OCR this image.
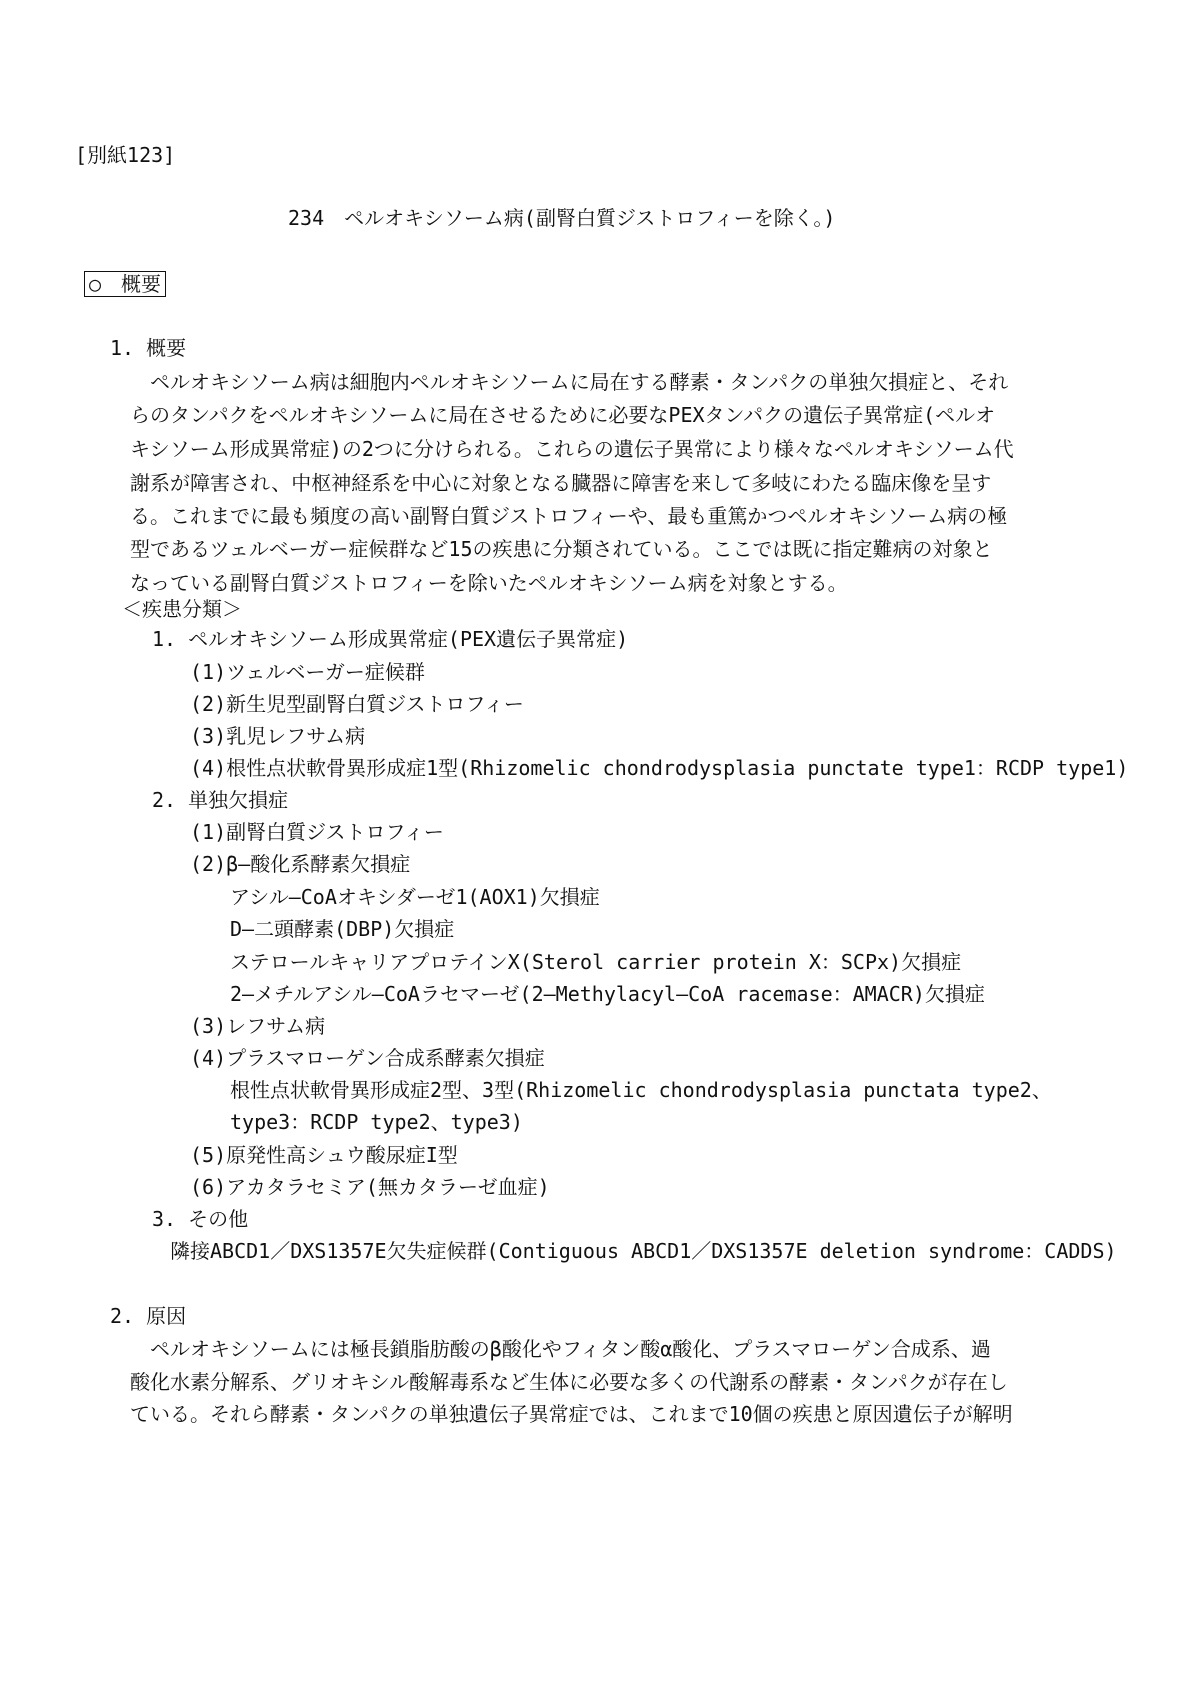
[別紙123]
234　ペルオキシソーム病(副腎白質ジストロフィーを除く。)
○　概要
1. 概要
ペルオキシソーム病は細胞内ペルオキシソームに局在する酵素・タンパクの単独欠損症と、それ
らのタンパクをペルオキシソームに局在させるために必要なPEXタンパクの遺伝子異常症(ペルオ
キシソーム形成異常症)の2つに分けられる。これらの遺伝子異常により様々なペルオキシソーム代
謝系が障害され、中枢神経系を中心に対象となる臓器に障害を来して多岐にわたる臨床像を呈す
る。これまでに最も頻度の高い副腎白質ジストロフィーや、最も重篤かつペルオキシソーム病の極
型であるツェルベーガー症候群など15の疾患に分類されている。ここでは既に指定難病の対象と
なっている副腎白質ジストロフィーを除いたペルオキシソーム病を対象とする。
＜疾患分類＞
1. ペルオキシソーム形成異常症(PEX遺伝子異常症)
(1)ツェルベーガー症候群
(2)新生児型副腎白質ジストロフィー
(3)乳児レフサム病
(4)根性点状軟骨異形成症1型(Rhizomelic chondrodysplasia punctate type1：RCDP type1)
2. 単独欠損症
(1)副腎白質ジストロフィー
(2)β―酸化系酵素欠損症
アシル―CoAオキシダーゼ1(AOX1)欠損症
D―二頭酵素(DBP)欠損症
ステロールキャリアプロテインX(Sterol carrier protein X：SCPx)欠損症
2―メチルアシル―CoAラセマーゼ(2―Methylacyl―CoA racemase：AMACR)欠損症
(3)レフサム病
(4)プラスマローゲン合成系酵素欠損症
根性点状軟骨異形成症2型、3型(Rhizomelic chondrodysplasia punctata type2、
type3：RCDP type2、type3)
(5)原発性高シュウ酸尿症I型
(6)アカタラセミア(無カタラーゼ血症)
3. その他
隣接ABCD1／DXS1357E欠失症候群(Contiguous ABCD1／DXS1357E deletion syndrome：CADDS)
2. 原因
ペルオキシソームには極長鎖脂肪酸のβ酸化やフィタン酸α酸化、プラスマローゲン合成系、過
酸化水素分解系、グリオキシル酸解毒系など生体に必要な多くの代謝系の酵素・タンパクが存在し
ている。それら酵素・タンパクの単独遺伝子異常症では、これまで10個の疾患と原因遺伝子が解明
